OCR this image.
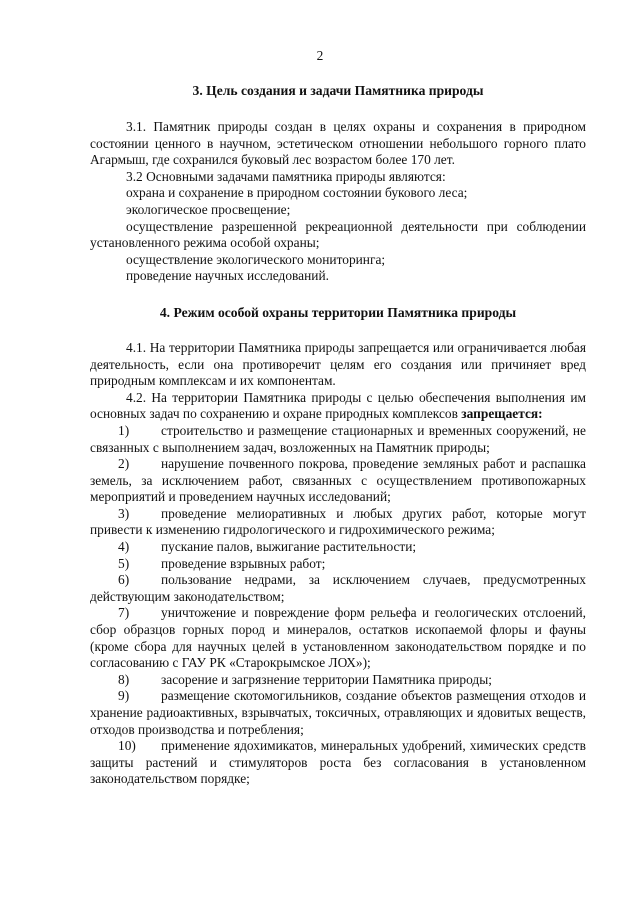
2
3. Цель создания и задачи Памятника природы

3.1. Памятник природы создан в целях охраны и сохранения в природном состоянии ценного в научном, эстетическом отношении небольшого горного плато Агармыш, где сохранился буковый лес возрастом более 170 лет.

3.2 Основными задачами памятника природы являются:

охрана и сохранение в природном состоянии букового леса;

экологическое просвещение;

осуществление разрешенной рекреационной деятельности при соблюдении установленного режима особой охраны;

осуществление экологического мониторинга;

проведение научных исследований.

4. Режим особой охраны территории Памятника природы

4.1. На территории Памятника природы запрещается или ограничивается любая деятельность, если она противоречит целям его создания или причиняет вред природным комплексам и их компонентам.

4.2. На территории Памятника природы с целью обеспечения выполнения им основных задач по сохранению и охране природных комплексов запрещается:

1)	строительство и размещение стационарных и временных сооружений, не связанных с выполнением задач, возложенных на Памятник природы;
2)	нарушение почвенного покрова, проведение земляных работ и распашка земель, за исключением работ, связанных с осуществлением противопожарных мероприятий и проведением научных исследований;
3)	проведение мелиоративных и любых других работ, которые могут привести к изменению гидрологического и гидрохимического режима;
4)	пускание палов, выжигание растительности;
5)	проведение взрывных работ;
6)	пользование недрами, за исключением случаев, предусмотренных действующим законодательством;
7)	уничтожение и повреждение форм рельефа и геологических отслоений, сбор образцов горных пород и минералов, остатков ископаемой флоры и фауны (кроме сбора для научных целей в установленном законодательством порядке и по согласованию с ГАУ РК «Старокрымское ЛОХ»);
8)	засорение и загрязнение территории Памятника природы;
9)	размещение скотомогильников, создание объектов размещения отходов и хранение радиоактивных, взрывчатых, токсичных, отравляющих и ядовитых веществ, отходов производства и потребления;
10)	применение ядохимикатов, минеральных удобрений, химических средств защиты растений и стимуляторов роста без согласования в установленном законодательством порядке;
